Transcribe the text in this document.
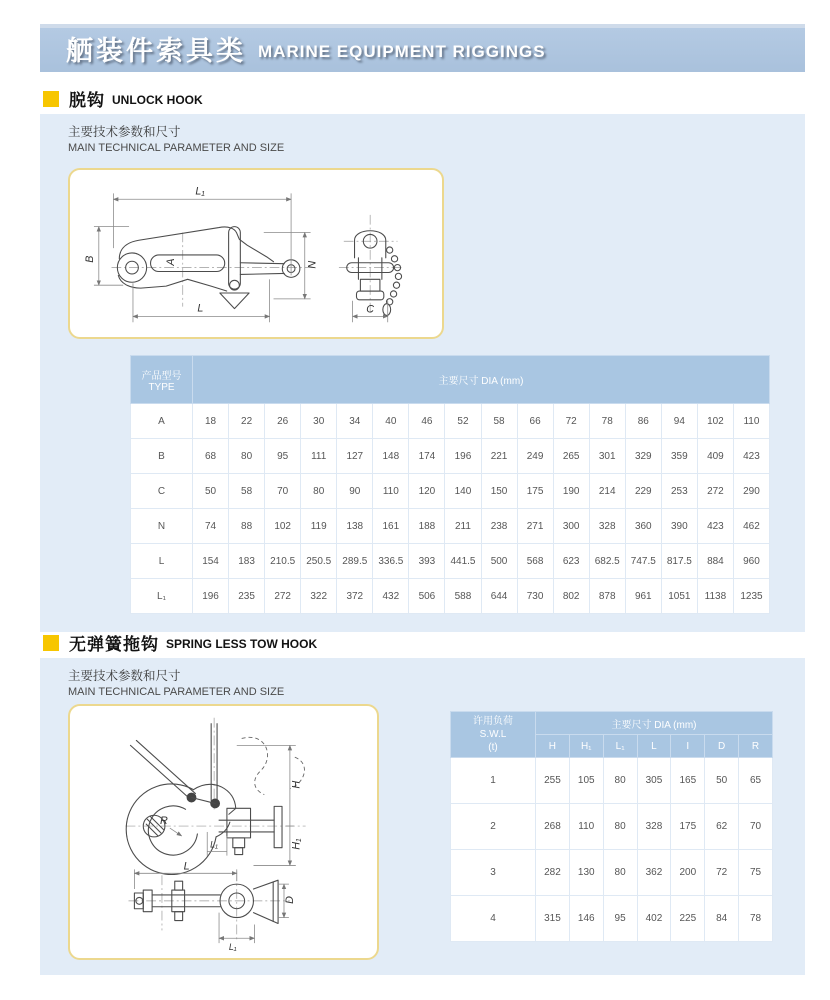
舾装件索具类 MARINE EQUIPMENT RIGGINGS
脱钩 UNLOCK HOOK
主要技术参数和尺寸
MAIN TECHNICAL PARAMETER AND SIZE
L₁
B	A	N
L	C
产品型号
TYPE	主要尺寸 DIA (mm)															
A	18	22	26	30	34	40	46	52	58	66	72	78	86	94	102	110
B	68	80	95	111	127	148	174	196	221	249	265	301	329	359	409	423
C	50	58	70	80	90	110	120	140	150	175	190	214	229	253	272	290
N	74	88	102	119	138	161	188	211	238	271	300	328	360	390	423	462
L	154	183	210.5	250.5	289.5	336.5	393	441.5	500	568	623	682.5	747.5	817.5	884	960
L₁	196	235	272	322	372	432	506	588	644	730	802	878	961	1051	1138	1235
无弹簧拖钩 SPRING LESS TOW HOOK
主要技术参数和尺寸
MAIN TECHNICAL PARAMETER AND SIZE
R
L₁
H
H₁
L
D
L₁
许用负荷
S.W.L
(t)	主要尺寸 DIA (mm)						
	H	H₁	L₁	L	I	D	R
1	255	105	80	305	165	50	65
2	268	110	80	328	175	62	70
3	282	130	80	362	200	72	75
4	315	146	95	402	225	84	78
